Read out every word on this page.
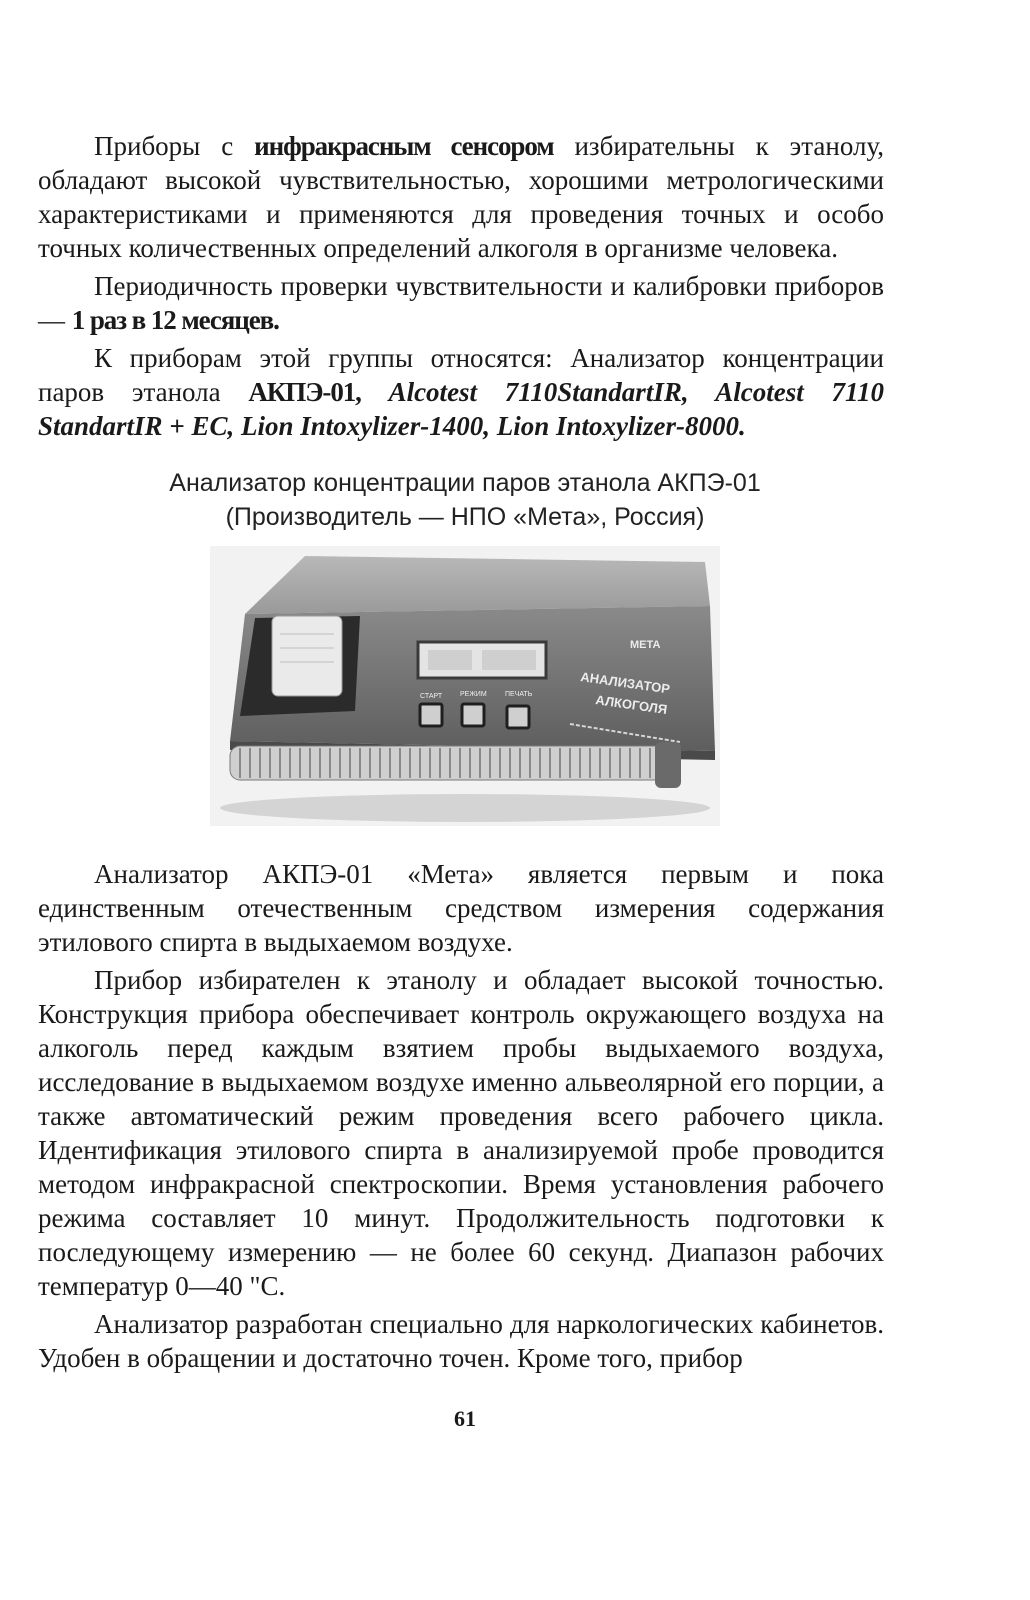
Приборы с инфракрасным сенсором избирательны к этанолу, обладают высокой чувствительностью, хорошими метрологическими характеристиками и применяются для проведения точных и особо точных количественных определений алкоголя в организме человека.

Периодичность проверки чувствительности и калибровки приборов — 1 раз в 12 месяцев.

К приборам этой группы относятся: Анализатор концентрации паров этанола АКПЭ-01, Alcotest 7110StandartIR, Alcotest 7110 StandartIR + EC, Lion Intoxylizer-1400, Lion Intoxylizer-8000.

Анализатор концентрации паров этанола АКПЭ-01
(Производитель — НПО «Мета», Россия)
СТАРТ	РЕЖИМ	ПЕЧАТЬ
МЕТА
АНАЛИЗАТОР
АЛКОГОЛЯ

Анализатор АКПЭ-01 «Мета» является первым и пока единственным отечественным средством измерения содержания этилового спирта в выдыхаемом воздухе.

Прибор избирателен к этанолу и обладает высокой точностью. Конструкция прибора обеспечивает контроль окружающего воздуха на алкоголь перед каждым взятием пробы выдыхаемого воздуха, исследование в выдыхаемом воздухе именно альвеолярной его порции, а также автоматический режим проведения всего рабочего цикла. Идентификация этилового спирта в анализируемой пробе проводится методом инфракрасной спектроскопии. Время установления рабочего режима составляет 10 минут. Продолжительность подготовки к последующему измерению — не более 60 секунд. Диапазон рабочих температур 0—40 "С.

Анализатор разработан специально для наркологических кабинетов. Удобен в обращении и достаточно точен. Кроме того, прибор

61
